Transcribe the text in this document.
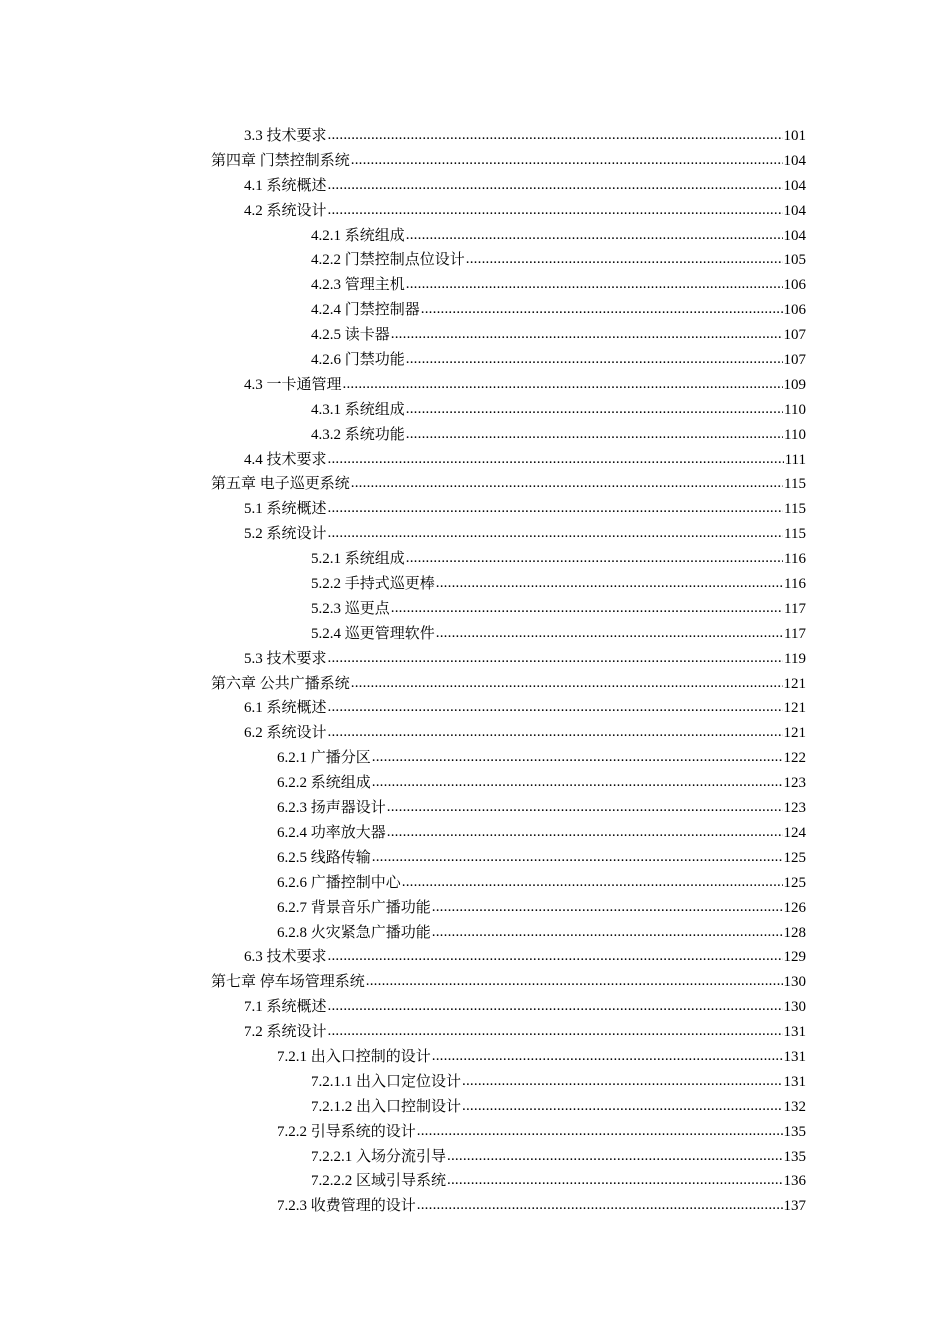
3.3 技术要求 .....	101
第四章 门禁控制系统 .....	104
4.1 系统概述 .....	104
4.2 系统设计 .....	104
4.2.1 系统组成 .....	104
4.2.2 门禁控制点位设计 .....	105
4.2.3 管理主机 .....	106
4.2.4 门禁控制器 .....	106
4.2.5 读卡器 .....	107
4.2.6 门禁功能 .....	107
4.3 一卡通管理 .....	109
4.3.1 系统组成 .....	110
4.3.2 系统功能 .....	110
4.4 技术要求 .....	111
第五章 电子巡更系统 .....	115
5.1 系统概述 .....	115
5.2 系统设计 .....	115
5.2.1 系统组成 .....	116
5.2.2 手持式巡更棒 .....	116
5.2.3 巡更点 .....	117
5.2.4 巡更管理软件 .....	117
5.3 技术要求 .....	119
第六章 公共广播系统 .....	121
6.1 系统概述 .....	121
6.2 系统设计 .....	121
6.2.1 广播分区 .....	122
6.2.2 系统组成 .....	123
6.2.3 扬声器设计 .....	123
6.2.4 功率放大器 .....	124
6.2.5 线路传输 .....	125
6.2.6 广播控制中心 .....	125
6.2.7 背景音乐广播功能 .....	126
6.2.8 火灾紧急广播功能 .....	128
6.3 技术要求 .....	129
第七章 停车场管理系统 .....	130
7.1 系统概述 .....	130
7.2 系统设计 .....	131
7.2.1 出入口控制的设计 .....	131
7.2.1.1 出入口定位设计 .....	131
7.2.1.2 出入口控制设计 .....	132
7.2.2 引导系统的设计 .....	135
7.2.2.1 入场分流引导 .....	135
7.2.2.2 区域引导系统 .....	136
7.2.3 收费管理的设计 .....	137
